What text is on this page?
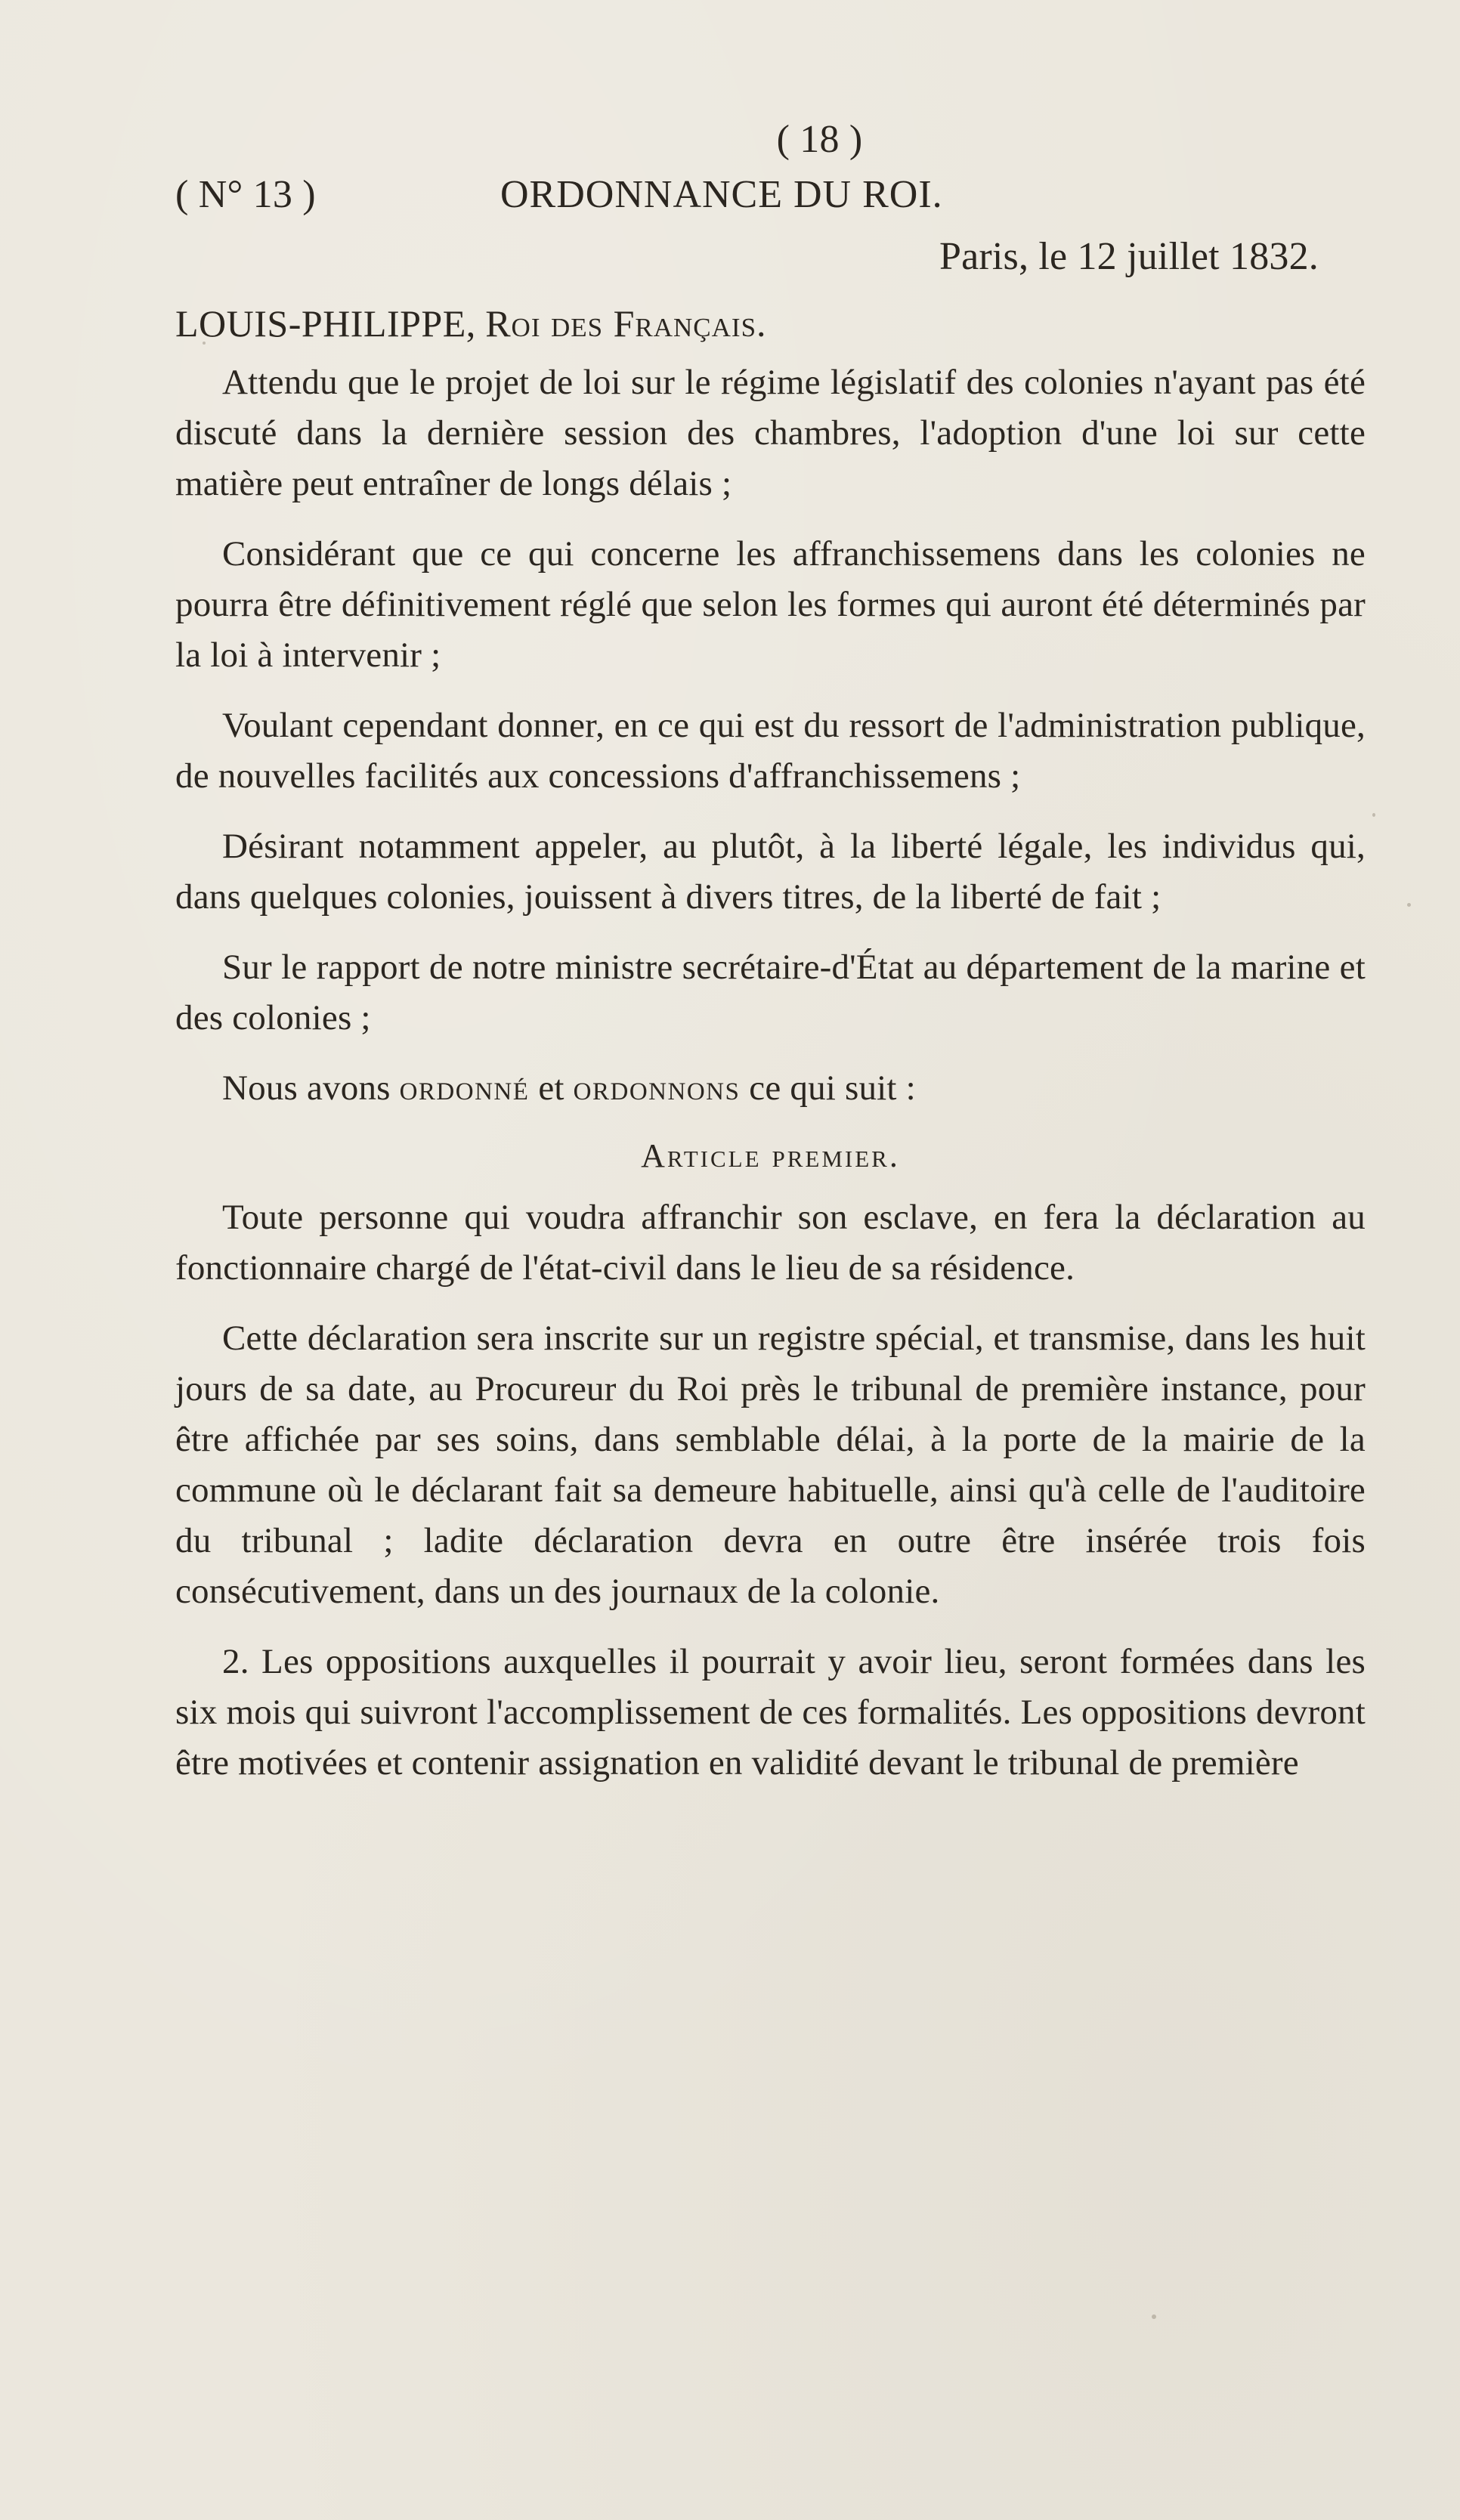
( 18 )
( N° 13 )	ORDONNANCE DU ROI.
Paris, le 12 juillet 1832.
LOUIS-PHILIPPE, Roi des Français.

Attendu que le projet de loi sur le régime législatif des colonies n'ayant pas été discuté dans la dernière session des chambres, l'adoption d'une loi sur cette matière peut entraîner de longs délais ;

Considérant que ce qui concerne les affranchissemens dans les colonies ne pourra être définitivement réglé que selon les formes qui auront été déterminés par la loi à intervenir ;

Voulant cependant donner, en ce qui est du ressort de l'administration publique, de nouvelles facilités aux concessions d'affranchissemens ;

Désirant notamment appeler, au plutôt, à la liberté légale, les individus qui, dans quelques colonies, jouissent à divers titres, de la liberté de fait ;

Sur le rapport de notre ministre secrétaire-d'État au département de la marine et des colonies ;

Nous avons ordonné et ordonnons ce qui suit :

Article premier.

Toute personne qui voudra affranchir son esclave, en fera la déclaration au fonctionnaire chargé de l'état-civil dans le lieu de sa résidence.

Cette déclaration sera inscrite sur un registre spécial, et transmise, dans les huit jours de sa date, au Procureur du Roi près le tribunal de première instance, pour être affichée par ses soins, dans semblable délai, à la porte de la mairie de la commune où le déclarant fait sa demeure habituelle, ainsi qu'à celle de l'auditoire du tribunal ; ladite déclaration devra en outre être insérée trois fois consécutivement, dans un des journaux de la colonie.

2. Les oppositions auxquelles il pourrait y avoir lieu, seront formées dans les six mois qui suivront l'accomplissement de ces formalités. Les oppositions devront être motivées et contenir assignation en validité devant le tribunal de première
